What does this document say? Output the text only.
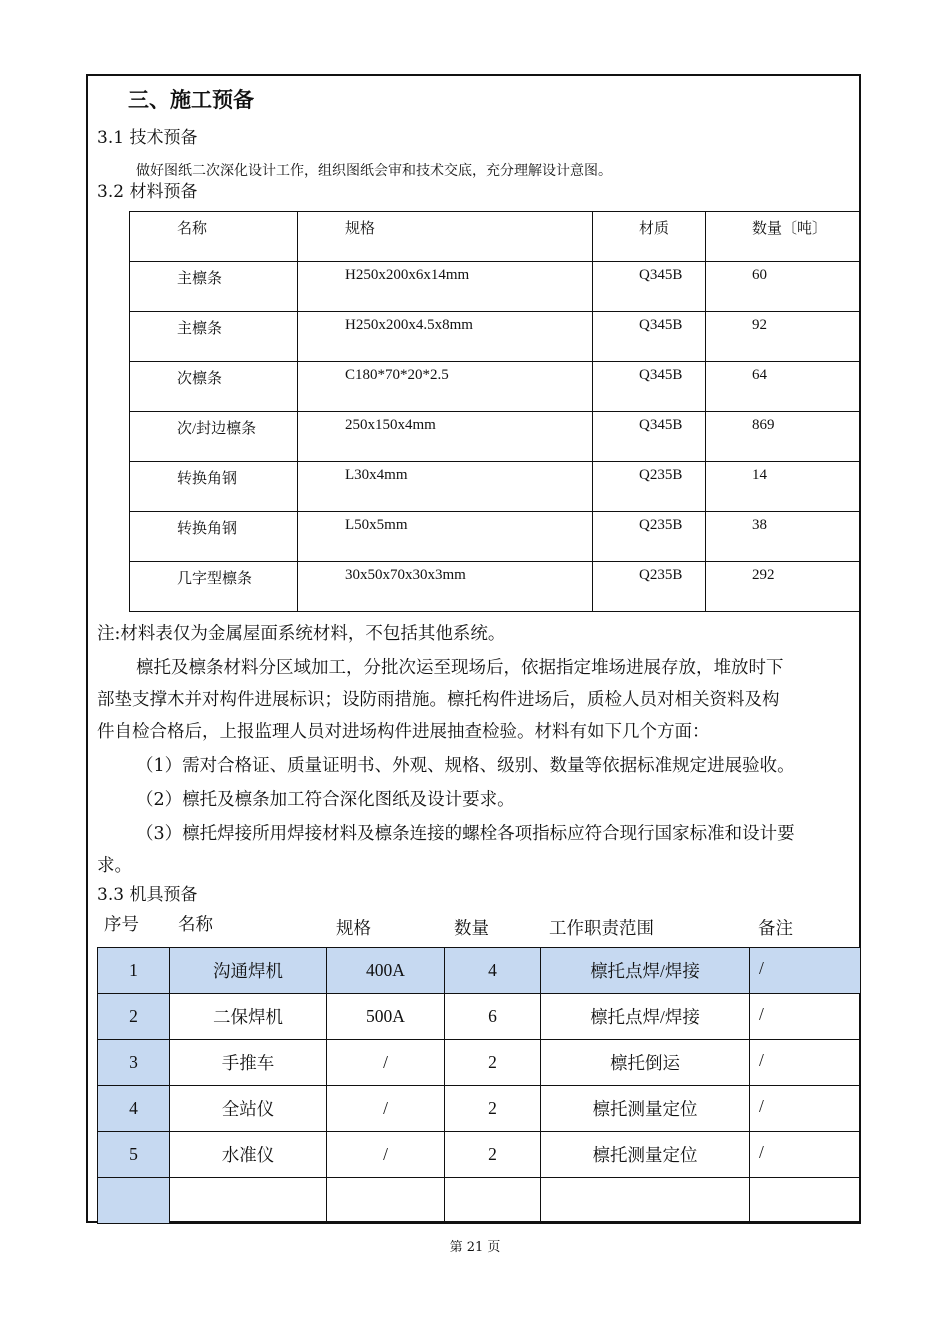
三、施工预备
3.1 技术预备
做好图纸二次深化设计工作，组织图纸会审和技术交底，充分理解设计意图。
3.2 材料预备
名称	规格	材质	数量〔吨〕

主檩条	H250x200x6x14mm	Q345B	60

主檩条	H250x200x4.5x8mm	Q345B	92

次檩条	C180*70*20*2.5	Q345B	64

次/封边檩条	250x150x4mm	Q345B	869

转换角钢	L30x4mm	Q235B	14

转换角钢	L50x5mm	Q235B	38

几字型檩条	30x50x70x30x3mm	Q235B	292
注:材料表仅为金属屋面系统材料，不包括其他系统。
檩托及檩条材料分区域加工，分批次运至现场后，依据指定堆场进展存放，堆放时下
部垫支撑木并对构件进展标识；设防雨措施。檩托构件进场后，质检人员对相关资料及构
件自检合格后，上报监理人员对进场构件进展抽查检验。材料有如下几个方面：
（1）需对合格证、质量证明书、外观、规格、级别、数量等依据标准规定进展验收。
（2）檩托及檩条加工符合深化图纸及设计要求。
（3）檩托焊接所用焊接材料及檩条连接的螺栓各项指标应符合现行国家标准和设计要
求。
3.3 机具预备
序号 名称	规格	数量	工作职责范围	备注
1	沟通焊机	400A	4	檩托点焊/焊接	/
2	二保焊机	500A	6	檩托点焊/焊接	/
3	手推车	/	2	檩托倒运	/
4	全站仪	/	2	檩托测量定位	/
5	水准仪	/	2	檩托测量定位	/

第 21 页
